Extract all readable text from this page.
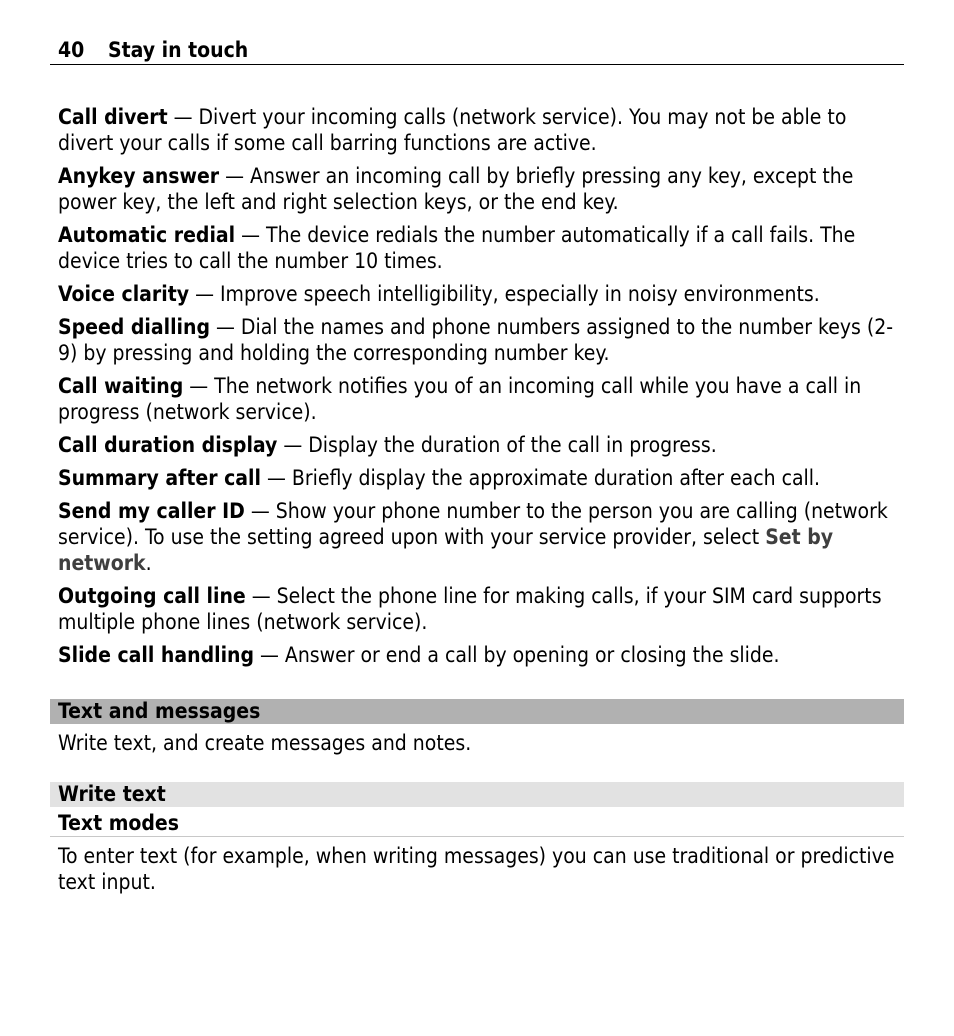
40 Stay in touch

Call divert — Divert your incoming calls (network service). You may not be able to divert your calls if some call barring functions are active.

Anykey answer — Answer an incoming call by briefly pressing any key, except the power key, the left and right selection keys, or the end key.

Automatic redial — The device redials the number automatically if a call fails. The device tries to call the number 10 times.

Voice clarity — Improve speech intelligibility, especially in noisy environments.

Speed dialling — Dial the names and phone numbers assigned to the number keys (2-9) by pressing and holding the corresponding number key.

Call waiting — The network notifies you of an incoming call while you have a call in progress (network service).

Call duration display — Display the duration of the call in progress.

Summary after call — Briefly display the approximate duration after each call.

Send my caller ID — Show your phone number to the person you are calling (network service). To use the setting agreed upon with your service provider, select Set by network.

Outgoing call line — Select the phone line for making calls, if your SIM card supports multiple phone lines (network service).

Slide call handling — Answer or end a call by opening or closing the slide.

Text and messages

Write text, and create messages and notes.

Write text
Text modes

To enter text (for example, when writing messages) you can use traditional or predictive text input.
